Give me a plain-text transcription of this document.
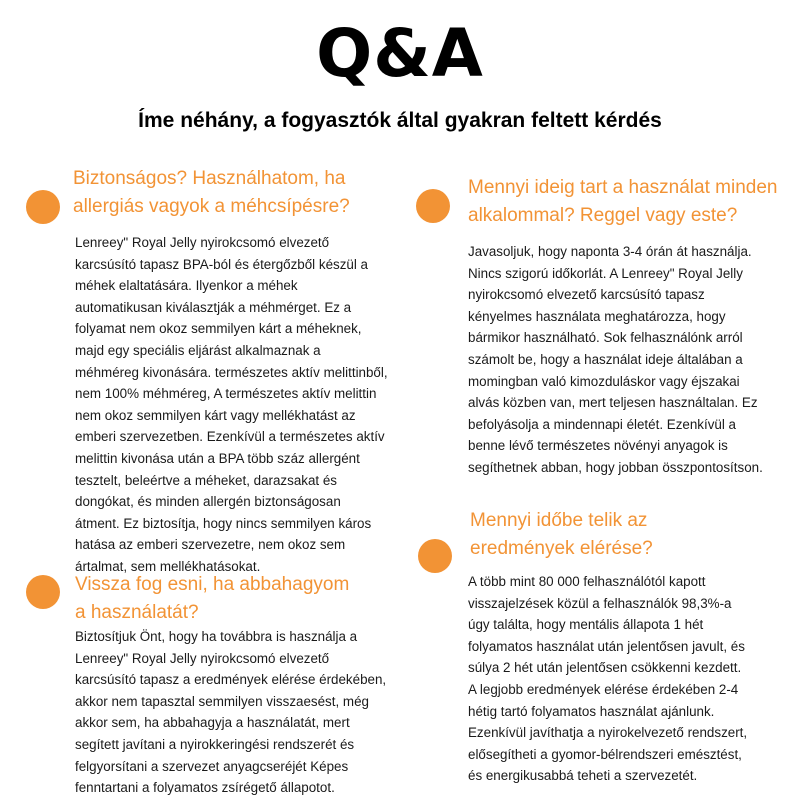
Q&A
Íme néhány, a fogyasztók által gyakran feltett kérdés
Biztonságos? Használhatom, ha
allergiás vagyok a méhcsípésre?
Lenreey" Royal Jelly nyirokcsomó elvezető
karcsúsító tapasz BPA-ból és étergőzből készül a
méhek elaltatására. Ilyenkor a méhek
automatikusan kiválasztják a méhmérget. Ez a
folyamat nem okoz semmilyen kárt a méheknek,
majd egy speciális eljárást alkalmaznak a
méhméreg kivonására. természetes aktív melittinből,
nem 100% méhméreg, A természetes aktív melittin
nem okoz semmilyen kárt vagy mellékhatást az
emberi szervezetben. Ezenkívül a természetes aktív
melittin kivonása után a BPA több száz allergént
tesztelt, beleértve a méheket, darazsakat és
dongókat, és minden allergén biztonságosan
átment. Ez biztosítja, hogy nincs semmilyen káros
hatása az emberi szervezetre, nem okoz sem
ártalmat, sem mellékhatásokat.
Vissza fog esni, ha abbahagyom
a használatát?
Biztosítjuk Önt, hogy ha továbbra is használja a
Lenreey" Royal Jelly nyirokcsomó elvezető
karcsúsító tapasz a eredmények elérése érdekében,
akkor nem tapasztal semmilyen visszaesést, még
akkor sem, ha abbahagyja a használatát, mert
segített javítani a nyirokkeringési rendszerét és
felgyorsítani a szervezet anyagcseréjét Képes
fenntartani a folyamatos zsírégető állapotot.
Mennyi ideig tart a használat minden
alkalommal? Reggel vagy este?
Javasoljuk, hogy naponta 3-4 órán át használja.
Nincs szigorú időkorlát. A Lenreey" Royal Jelly
nyirokcsomó elvezető karcsúsító tapasz
kényelmes használata meghatározza, hogy
bármikor használható. Sok felhasználónk arról
számolt be, hogy a használat ideje általában a
momingban való kimozduláskor vagy éjszakai
alvás közben van, mert teljesen használtalan. Ez
befolyásolja a mindennapi életét. Ezenkívül a
benne lévő természetes növényi anyagok is
segíthetnek abban, hogy jobban összpontosítson.
Mennyi időbe telik az
eredmények elérése?
A több mint 80 000 felhasználótól kapott
visszajelzések közül a felhasználók 98,3%-a
úgy találta, hogy mentális állapota 1 hét
folyamatos használat után jelentősen javult, és
súlya 2 hét után jelentősen csökkenni kezdett.
A legjobb eredmények elérése érdekében 2-4
hétig tartó folyamatos használat ajánlunk.
Ezenkívül javíthatja a nyirokelvezető rendszert,
elősegítheti a gyomor-bélrendszeri emésztést,
és energikusabbá teheti a szervezetét.
